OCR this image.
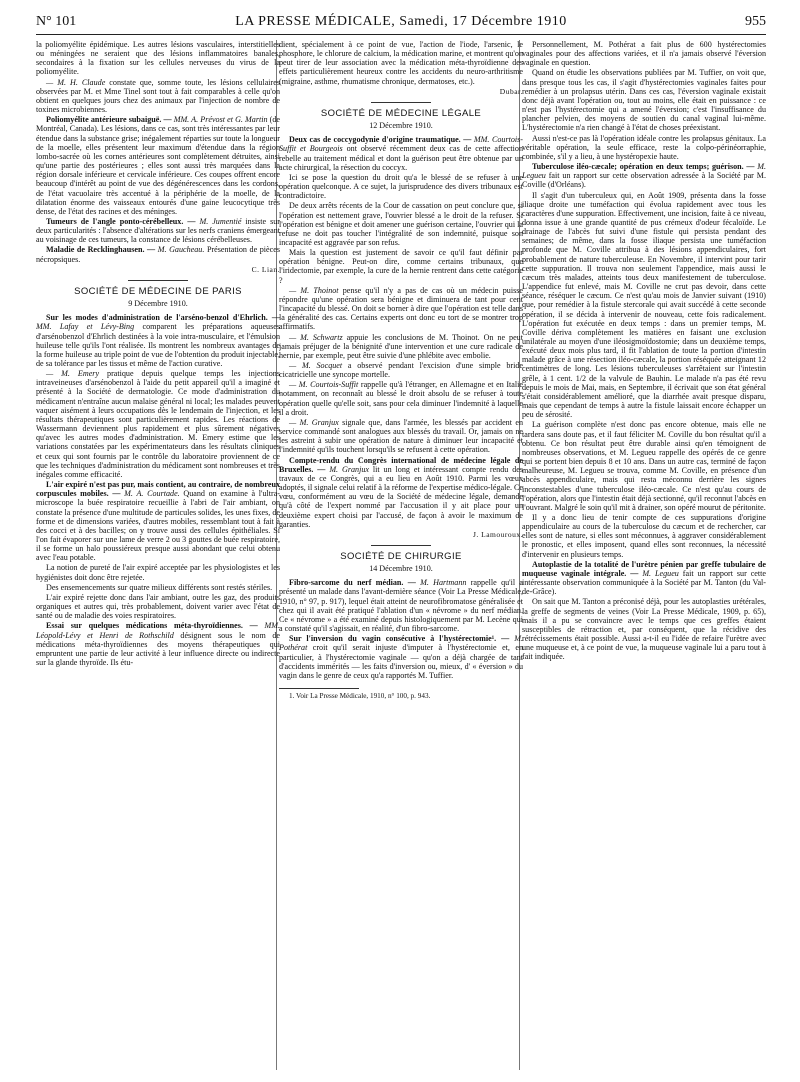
N° 101	LA PRESSE MÉDICALE, Samedi, 17 Décembre 1910	955

la poliomyélite épidémique. Les autres lésions vasculaires, interstitielles ou méningées ne seraient que des lésions inflammatoires banales, secondaires à la fixation sur les cellules nerveuses du virus de la poliomyélite.

— M. H. Claude constate que, somme toute, les lésions cellulaires observées par M. et Mme Tinel sont tout à fait comparables à celle qu'on obtient en quelques jours chez des animaux par l'injection de nombre de toxines microbiennes.

Poliomyélite antérieure subaiguë. — MM. A. Prévost et G. Martin (de Montréal, Canada). Les lésions, dans ce cas, sont très intéressantes par leur étendue dans la substance grise; inégalement réparties sur toute la longueur de la moelle, elles présentent leur maximum d'étendue dans la région lombo-sacrée où les cornes antérieures sont complètement détruites, ainsi qu'une partie des postérieures ; elles sont aussi très marquées dans la région dorsale inférieure et cervicale inférieure. Ces coupes offrent encore beaucoup d'intérêt au point de vue des dégénérescences dans les cordons, de l'état vacuolaire très accentué à la périphérie de la moelle, de la dilatation énorme des vaisseaux entourés d'une gaine leucocytique très dense, de l'état des racines et des méninges.

Tumeurs de l'angle ponto-cérébelleux. — M. Jumentié insiste sur deux particularités : l'absence d'altérations sur les nerfs craniens émergeant au voisinage de ces tumeurs, la constance de lésions cérébelleuses.

Maladie de Recklinghausen. — M. Gaucheau. Présentation de pièces nécropsiques.

C. Lian.
SOCIÉTÉ DE MÉDECINE DE PARIS
9 Décembre 1910.

Sur les modes d'administration de l'arséno-benzol d'Ehrlich. — MM. Lafay et Lévy-Bing comparent les préparations aqueuses d'arsénobenzol d'Ehrlich destinées à la voie intra-musculaire, et l'émulsion huileuse telle qu'ils l'ont réalisée. Ils montrent les nombreux avantages de la forme huileuse au triple point de vue de l'obtention du produit injectable, de sa tolérance par les tissus et même de l'action curative.

— M. Emery pratique depuis quelque temps les injections intraveineuses d'arsénobenzol à l'aide du petit appareil qu'il a imaginé et présenté à la Société de dermatologie. Ce mode d'administration du médicament n'entraîne aucun malaise général ni local; les malades peuvent vaquer aisément à leurs occupations dès le lendemain de l'injection, et les résultats thérapeutiques sont particulièrement rapides. Les réactions de Wassermann deviennent plus rapidement et plus sûrement négatives qu'avec les autres modes d'administration. M. Emery estime que les variations constatées par les expérimentateurs dans les résultats cliniques et ceux qui sont fournis par le contrôle du laboratoire proviennent de ce que les techniques d'administration du médicament sont nombreuses et très inégales comme efficacité.

L'air expiré n'est pas pur, mais contient, au contraire, de nombreux corpuscules mobiles. — M. A. Courtade. Quand on examine à l'ultra-microscope la buée respiratoire recueillie à l'abri de l'air ambiant, on constate la présence d'une multitude de particules solides, les unes fixes, de forme et de dimensions variées, d'autres mobiles, ressemblant tout à fait à des cocci et à des bacilles; on y trouve aussi des cellules épithéliales. Si l'on fait évaporer sur une lame de verre 2 ou 3 gouttes de buée respiratoire, il se forme un halo poussiéreux presque aussi abondant que celui obtenu avec l'eau potable.

La notion de pureté de l'air expiré acceptée par les physiologistes et les hygiénistes doit donc être rejetée.

Des ensemencements sur quatre milieux différents sont restés stériles.

L'air expiré rejette donc dans l'air ambiant, outre les gaz, des produits organiques et autres qui, très probablement, doivent varier avec l'état de santé ou de maladie des voies respiratoires.

Essai sur quelques médications méta-thyroïdiennes. — MM. Léopold-Lévy et Henri de Rothschild désignent sous le nom de médications méta-thyroïdiennes des moyens thérapeutiques qui empruntent une partie de leur activité à leur influence directe ou indirecte sur la glande thyroïde. Ils étu-

dient, spécialement à ce point de vue, l'action de l'iode, l'arsenic, le phosphore, le chlorure de calcium, la médication marine, et montrent qu'on peut tirer de leur association avec la médication méta-thyroïdienne des effets particulièrement heureux contre les accidents du neuro-arthritisme (migraine, asthme, rhumatisme chronique, dermatoses, etc.).

Dubar.
SOCIÉTÉ DE MÉDECINE LÉGALE
12 Décembre 1910.

Deux cas de coccygodynie d'origine traumatique. — MM. Courtois-Suffit et Bourgeois ont observé récemment deux cas de cette affection rebelle au traitement médical et dont la guérison peut être obtenue par un acte chirurgical, la résection du coccyx.

Ici se pose la question du droit qu'a le blessé de se refuser à une opération quelconque. A ce sujet, la jurisprudence des divers tribunaux est contradictoire.

De deux arrêts récents de la Cour de cassation on peut conclure que, si l'opération est nettement grave, l'ouvrier blessé a le droit de la refuser. Si l'opération est bénigne et doit amener une guérison certaine, l'ouvrier qui la refuse ne doit pas toucher l'intégralité de son indemnité, puisque son incapacité est aggravée par son refus.

Mais la question est justement de savoir ce qu'il faut définir par opération bénigne. Peut-on dire, comme certains tribunaux, que l'iridectomie, par exemple, la cure de la hernie rentrent dans cette catégorie ?

— M. Thoinot pense qu'il n'y a pas de cas où un médecin puisse répondre qu'une opération sera bénigne et diminuera de tant pour cent l'incapacité du blessé. On doit se borner à dire que l'opération est telle dans la généralité des cas. Certains experts ont donc eu tort de se montrer trop affirmatifs.

— M. Schwartz appuie les conclusions de M. Thoinot. On ne peut jamais préjuger de la bénignité d'une intervention et une cure radicale de hernie, par exemple, peut être suivie d'une phlébite avec embolie.

— M. Socquet a observé pendant l'excision d'une simple bride cicatricielle une syncope mortelle.

— M. Courtois-Suffit rappelle qu'à l'étranger, en Allemagne et en Italie notamment, on reconnaît au blessé le droit absolu de se refuser à toute opération quelle qu'elle soit, sans pour cela diminuer l'indemnité à laquelle il a droit.

— M. Granjux signale que, dans l'armée, les blessés par accident en service commandé sont analogues aux blessés du travail. Or, jamais on ne les astreint à subir une opération de nature à diminuer leur incapacité et l'indemnité qu'ils touchent lorsqu'ils se refusent à cette opération.

Compte-rendu du Congrès international de médecine légale de Bruxelles. — M. Granjux lit un long et intéressant compte rendu des travaux de ce Congrès, qui a eu lieu en Août 1910. Parmi les vœux adoptés, il signale celui relatif à la réforme de l'expertise médico-légale. Ce vœu, conformément au vœu de la Société de médecine légale, demande qu'à côté de l'expert nommé par l'accusation il y ait place pour un deuxième expert choisi par l'accusé, de façon à avoir le maximum de garanties.

J. Lamouroux.
SOCIÉTÉ DE CHIRURGIE
14 Décembre 1910.

Fibro-sarcome du nerf médian. — M. Hartmann rappelle qu'il a présenté un malade dans l'avant-dernière séance (Voir La Presse Médicale, 1910, n° 97, p. 917), lequel était atteint de neurofibromatose généralisée et chez qui il avait été pratiqué l'ablation d'un « névrome » du nerf médian. Ce « névrome » a été examiné depuis histologiquement par M. Lecène qui a constaté qu'il s'agissait, en réalité, d'un fibro-sarcome.

Sur l'inversion du vagin consécutive à l'hystérectomie¹. — M. Pothérat croit qu'il serait injuste d'imputer à l'hystérectomie et, en particulier, à l'hystérectomie vaginale — qu'on a déjà chargée de tant d'accidents immérités — les faits d'inversion ou, mieux, d' « éversion » du vagin dans le genre de ceux qu'a rapportés M. Tuffier.

1. Voir La Presse Médicale, 1910, n° 100, p. 943.

Personnellement, M. Pothérat a fait plus de 600 hystérectomies vaginales pour des affections variées, et il n'a jamais observé l'éversion vaginale en question.

Quand on étudie les observations publiées par M. Tuffier, on voit que, dans presque tous les cas, il s'agit d'hystérectomies vaginales faites pour remédier à un prolapsus utérin. Dans ces cas, l'éversion vaginale existait donc déjà avant l'opération ou, tout au moins, elle était en puissance : ce n'est pas l'hystérectomie qui a amené l'éversion; c'est l'insuffisance du plancher pelvien, des moyens de soutien du canal vaginal lui-même. L'hystérectomie n'a rien changé à l'état de choses préexistant.

Aussi n'est-ce pas là l'opération idéale contre les prolapsus génitaux. La véritable opération, la seule efficace, reste la colpo-périnéorraphie, combinée, s'il y a lieu, à une hystéropexie haute.

Tuberculose iléo-cæcale; opération en deux temps; guérison. — M. Legueu fait un rapport sur cette observation adressée à la Société par M. Coville (d'Orléans).

Il s'agit d'un tuberculeux qui, en Août 1909, présenta dans la fosse iliaque droite une tuméfaction qui évolua rapidement avec tous les caractères d'une suppuration. Effectivement, une incision, faite à ce niveau, donna issue à une grande quantité de pus crémeux d'odeur fécaloïde. Le drainage de l'abcès fut suivi d'une fistule qui persista pendant des semaines; de même, dans la fosse iliaque persista une tuméfaction profonde que M. Coville attribua à des lésions appendiculaires, fort probablement de nature tuberculeuse. En Novembre, il intervint pour tarir cette suppuration. Il trouva non seulement l'appendice, mais aussi le cæcum très malades, atteints tous deux manifestement de tuberculose. L'appendice fut enlevé, mais M. Coville ne crut pas devoir, dans cette séance, réséquer le cæcum. Ce n'est qu'au mois de Janvier suivant (1910) que, pour remédier à la fistule stercorale qui avait succédé à cette seconde opération, il se décida à intervenir de nouveau, cette fois radicalement. L'opération fut exécutée en deux temps : dans un premier temps, M. Coville dériva complètement les matières en faisant une exclusion unilatérale au moyen d'une iléosigmoïdostomie; dans un deuxième temps, exécuté deux mois plus tard, il fit l'ablation de toute la portion d'intestin malade grâce à une résection iléo-cæcale, la portion réséquée atteignant 12 centimètres de long. Les lésions tuberculeuses s'arrêtaient sur l'intestin grêle, à 1 cent. 1/2 de la valvule de Bauhin. Le malade n'a pas été revu depuis le mois de Mai, mais, en Septembre, il écrivait que son état général s'était considérablement amélioré, que la diarrhée avait presque disparu, mais que cependant de temps à autre la fistule laissait encore échapper un peu de sérosité.

La guérison complète n'est donc pas encore obtenue, mais elle ne tardera sans doute pas, et il faut féliciter M. Coville du bon résultat qu'il a obtenu. Ce bon résultat peut être durable ainsi qu'en témoignent de nombreuses observations, et M. Legueu rappelle des opérés de ce genre qui se portent bien depuis 8 et 10 ans. Dans un autre cas, terminé de façon malheureuse, M. Legueu se trouva, comme M. Coville, en présence d'un abcès appendiculaire, mais qui resta méconnu derrière les signes inconstestables d'une tuberculose iléo-cæcale. Ce n'est qu'au cours de l'opération, alors que l'intestin était déjà sectionné, qu'il reconnut l'abcès en l'ouvrant. Malgré le soin qu'il mit à drainer, son opéré mourut de péritonite.

Il y a donc lieu de tenir compte de ces suppurations d'origine appendiculaire au cours de la tuberculose du cæcum et de rechercher, car elles sont de nature, si elles sont méconnues, à aggraver considérablement le pronostic, et elles imposent, quand elles sont reconnues, la nécessité d'intervenir en plusieurs temps.

Autoplastie de la totalité de l'urètre pénien par greffe tubulaire de muqueuse vaginale intégrale. — M. Legueu fait un rapport sur cette intéressante observation communiquée à la Société par M. Tanton (du Val-de-Grâce).

On sait que M. Tanton a préconisé déjà, pour les autoplasties urétérales, la greffe de segments de veines (Voir La Presse Médicale, 1909, p. 65), mais il a pu se convaincre avec le temps que ces greffes étaient susceptibles de rétraction et, par conséquent, que la récidive des rétrécissements était possible. Aussi a-t-il eu l'idée de refaire l'urètre avec une muqueuse et, à ce point de vue, la muqueuse vaginale lui a paru tout à fait indiquée.
